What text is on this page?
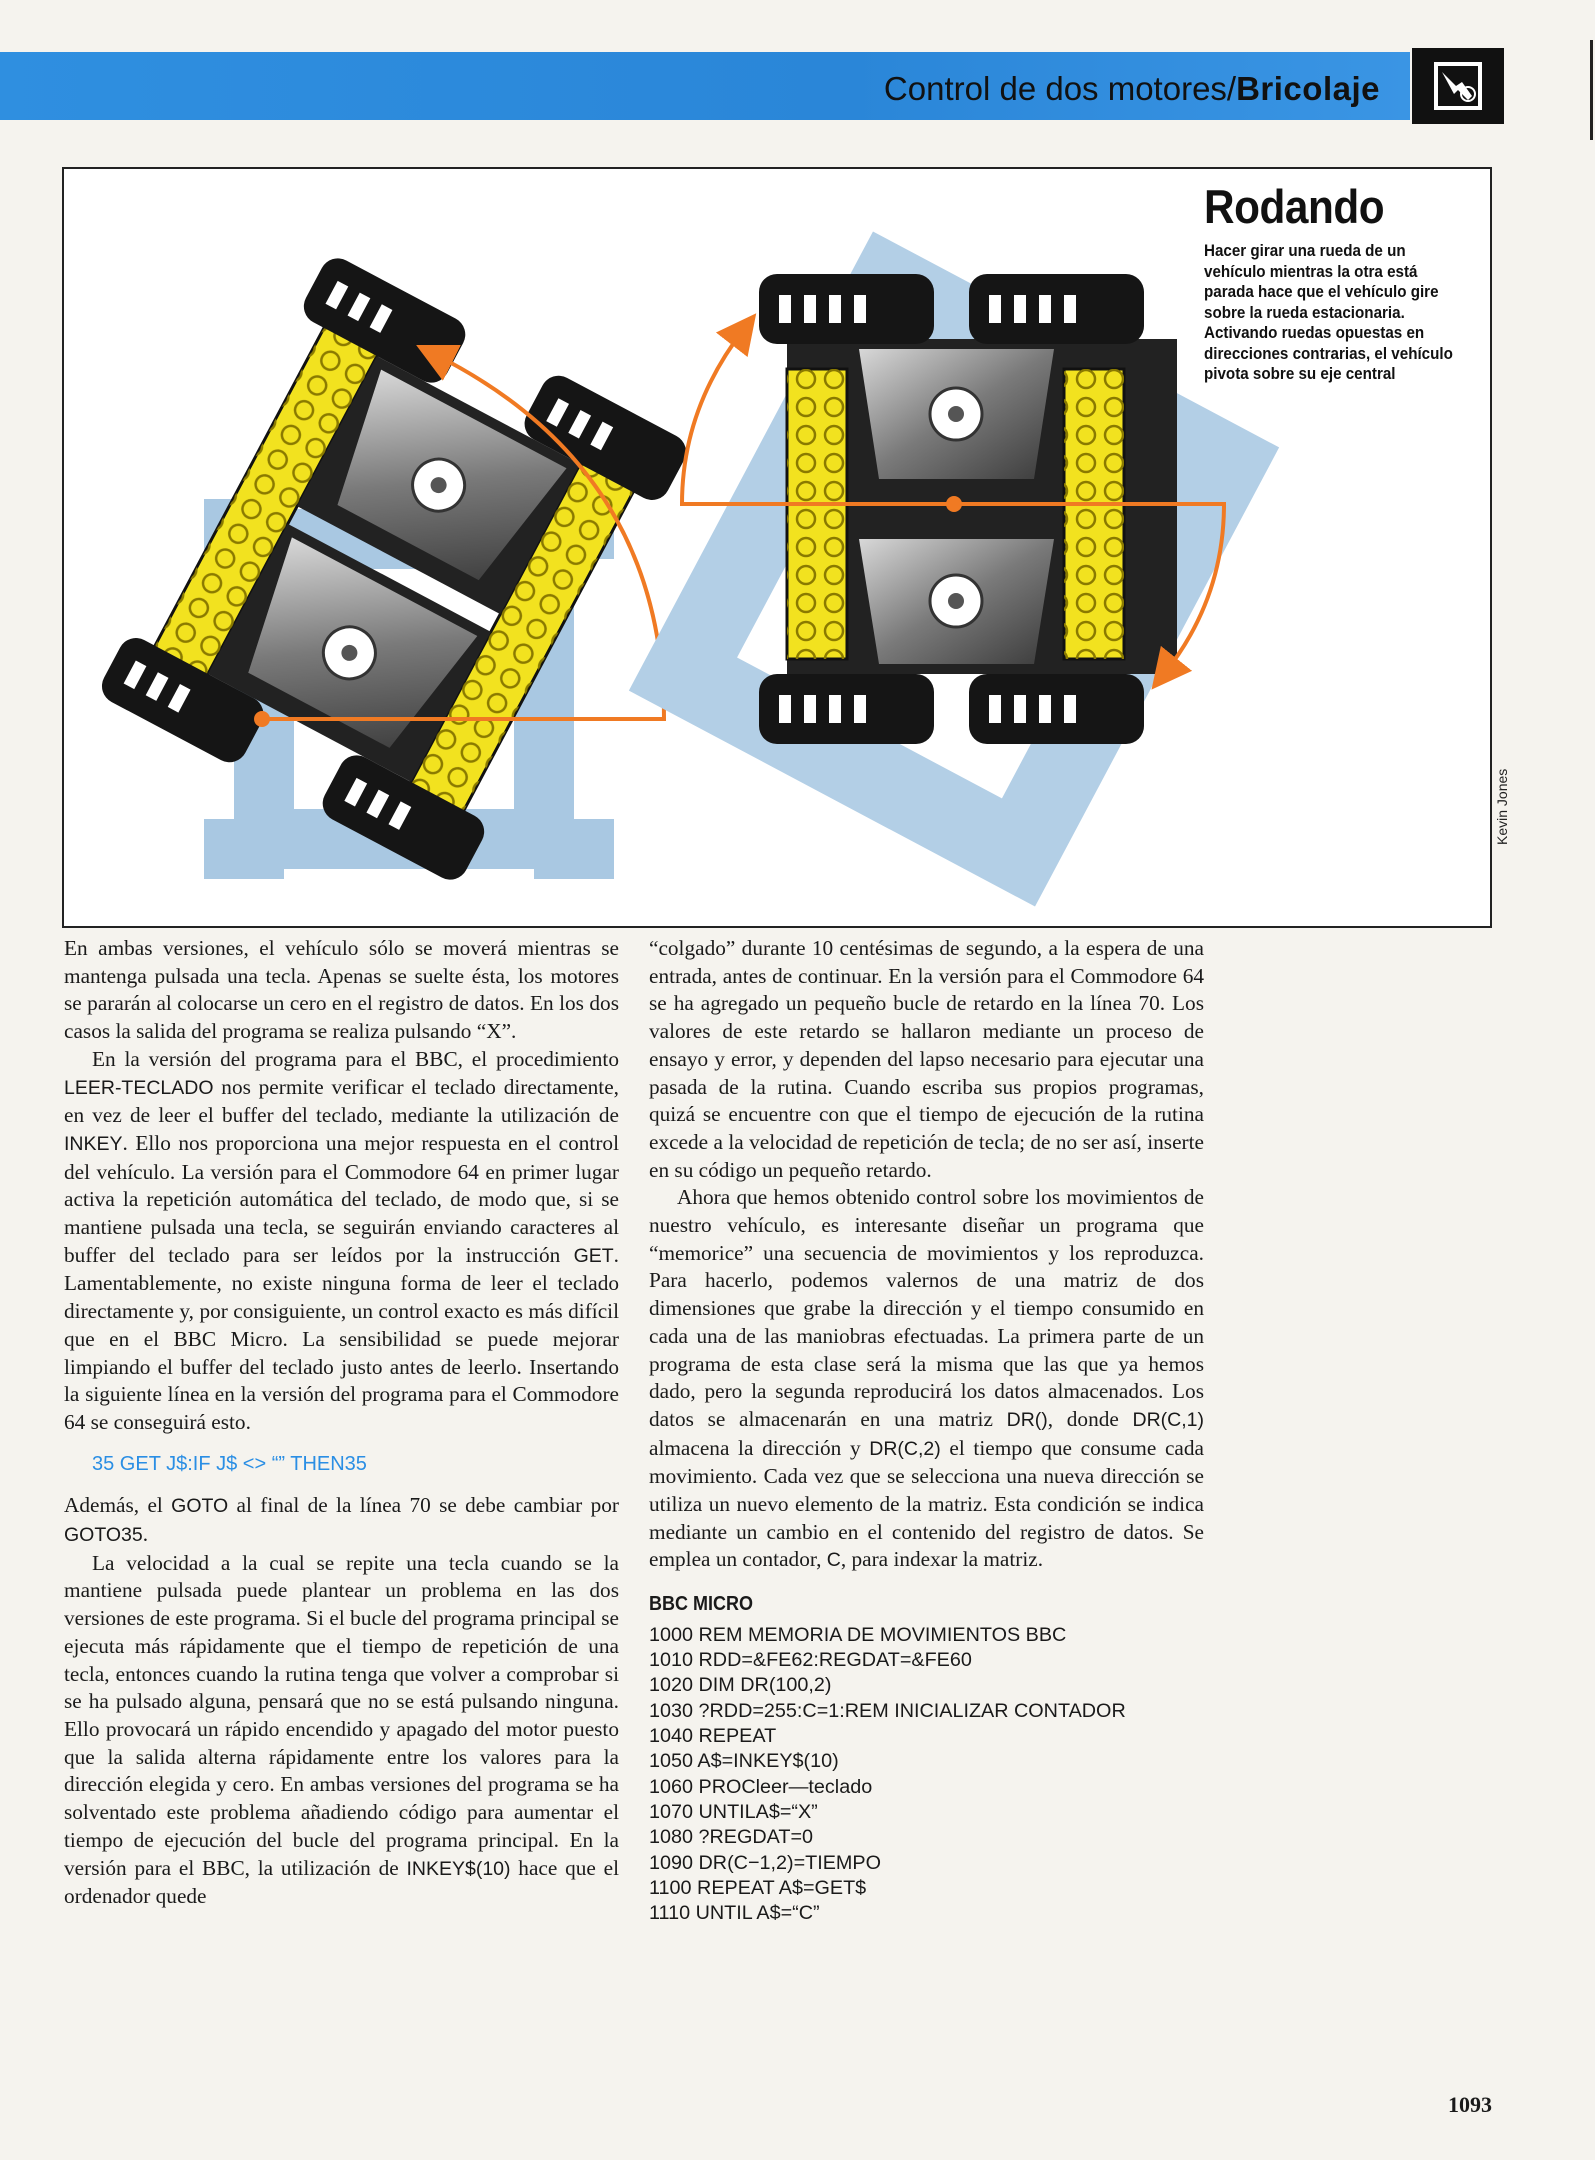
Control de dos motores/Bricolaje
Rodando
Hacer girar una rueda de un vehículo mientras la otra está parada hace que el vehículo gire sobre la rueda estacionaria. Activando ruedas opuestas en direcciones contrarias, el vehículo pivota sobre su eje central
Kevin Jones

En ambas versiones, el vehículo sólo se moverá mientras se mantenga pulsada una tecla. Apenas se suelte ésta, los motores se pararán al colocarse un cero en el registro de datos. En los dos casos la salida del programa se realiza pulsando “X”.

En la versión del programa para el BBC, el procedimiento LEER-TECLADO nos permite verificar el teclado directamente, en vez de leer el buffer del teclado, mediante la utilización de INKEY. Ello nos proporciona una mejor respuesta en el control del vehículo. La versión para el Commodore 64 en primer lugar activa la repetición automática del teclado, de modo que, si se mantiene pulsada una tecla, se seguirán enviando caracteres al buffer del teclado para ser leídos por la instrucción GET. Lamentablemente, no existe ninguna forma de leer el teclado directamente y, por consiguiente, un control exacto es más difícil que en el BBC Micro. La sensibilidad se puede mejorar limpiando el buffer del teclado justo antes de leerlo. Insertando la siguiente línea en la versión del programa para el Commodore 64 se conseguirá esto.

35 GET J$:IF J$ <> “” THEN35

Además, el GOTO al final de la línea 70 se debe cambiar por GOTO35.

La velocidad a la cual se repite una tecla cuando se la mantiene pulsada puede plantear un problema en las dos versiones de este programa. Si el bucle del programa principal se ejecuta más rápidamente que el tiempo de repetición de una tecla, entonces cuando la rutina tenga que volver a comprobar si se ha pulsado alguna, pensará que no se está pulsando ninguna. Ello provocará un rápido encendido y apagado del motor puesto que la salida alterna rápidamente entre los valores para la dirección elegida y cero. En ambas versiones del programa se ha solventado este problema añadiendo código para aumentar el tiempo de ejecución del bucle del programa principal. En la versión para el BBC, la utilización de INKEY$(10) hace que el ordenador quede

“colgado” durante 10 centésimas de segundo, a la espera de una entrada, antes de continuar. En la versión para el Commodore 64 se ha agregado un pequeño bucle de retardo en la línea 70. Los valores de este retardo se hallaron mediante un proceso de ensayo y error, y dependen del lapso necesario para ejecutar una pasada de la rutina. Cuando escriba sus propios programas, quizá se encuentre con que el tiempo de ejecución de la rutina excede a la velocidad de repetición de tecla; de no ser así, inserte en su código un pequeño retardo.

Ahora que hemos obtenido control sobre los movimientos de nuestro vehículo, es interesante diseñar un programa que “memorice” una secuencia de movimientos y los reproduzca. Para hacerlo, podemos valernos de una matriz de dos dimensiones que grabe la dirección y el tiempo consumido en cada una de las maniobras efectuadas. La primera parte de un programa de esta clase será la misma que las que ya hemos dado, pero la segunda reproducirá los datos almacenados. Los datos se almacenarán en una matriz DR(), donde DR(C,1) almacena la dirección y DR(C,2) el tiempo que consume cada movimiento. Cada vez que se selecciona una nueva dirección se utiliza un nuevo elemento de la matriz. Esta condición se indica mediante un cambio en el contenido del registro de datos. Se emplea un contador, C, para indexar la matriz.

BBC MICRO
1000 REM MEMORIA DE MOVIMIENTOS BBC
1010 RDD=&FE62:REGDAT=&FE60
1020 DIM DR(100,2)
1030 ?RDD=255:C=1:REM INICIALIZAR CONTADOR
1040 REPEAT
1050 A$=INKEY$(10)
1060 PROCleer—teclado
1070 UNTILA$=“X”
1080 ?REGDAT=0
1090 DR(C−1,2)=TIEMPO
1100 REPEAT A$=GET$
1110 UNTIL A$=“C”
1093
